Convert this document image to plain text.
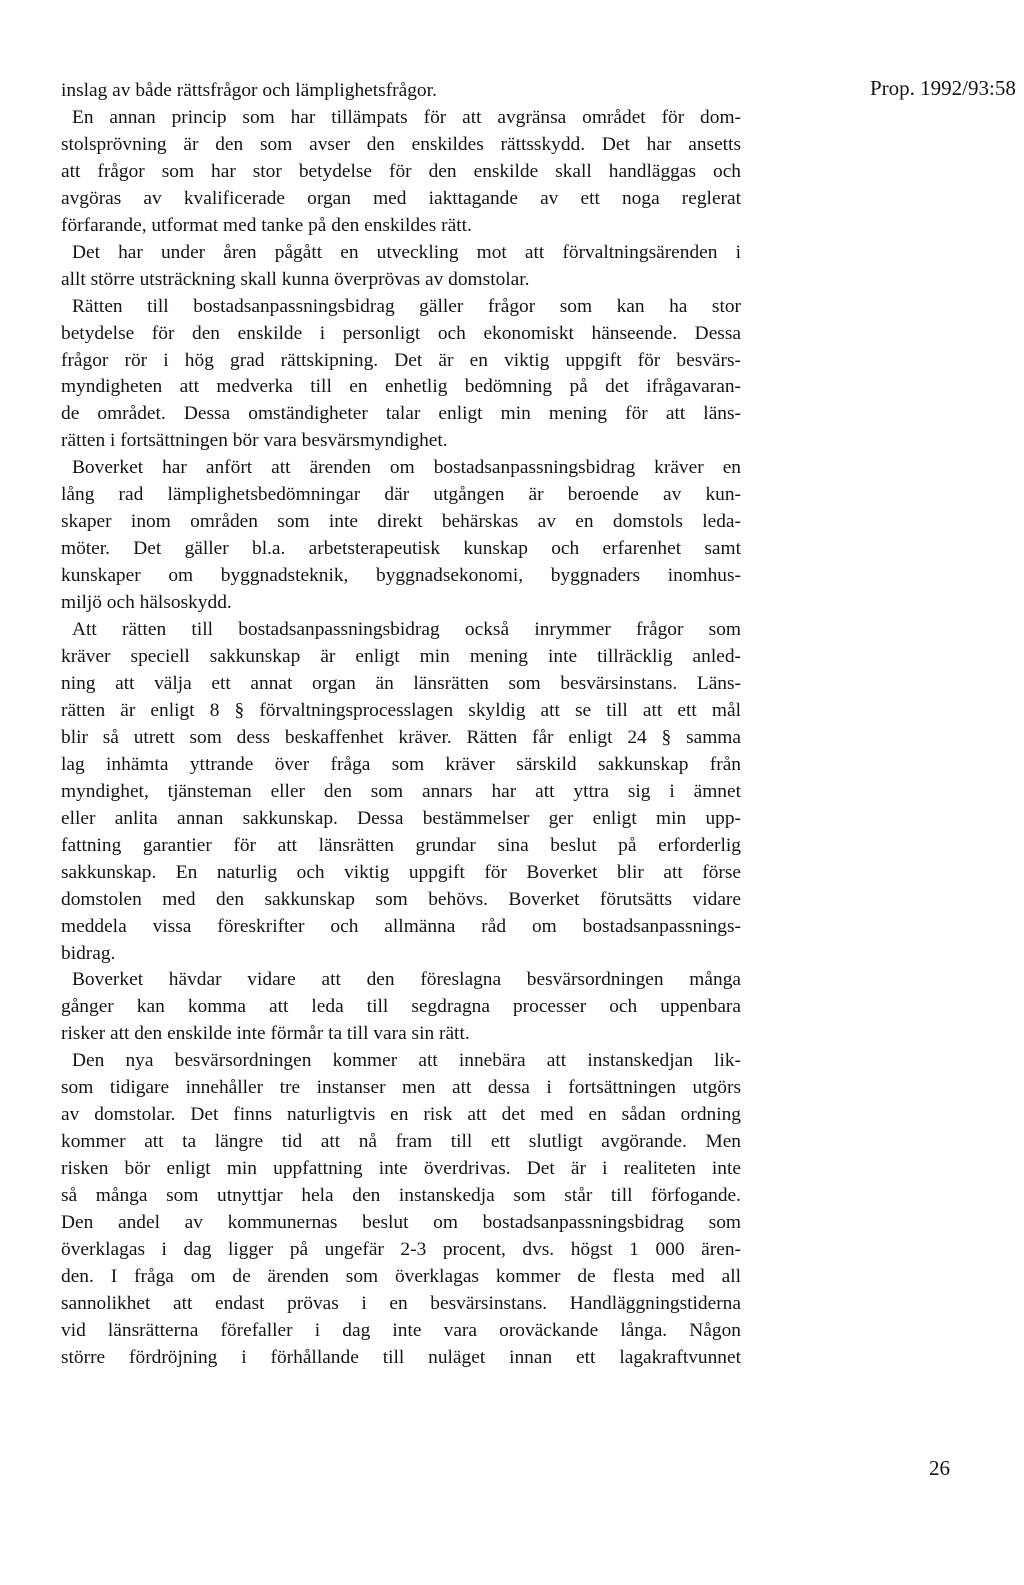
Prop. 1992/93:58
inslag av både rättsfrågor och lämplighetsfrågor.
En annan princip som har tillämpats för att avgränsa området för dom-
stolsprövning är den som avser den enskildes rättsskydd. Det har ansetts
att frågor som har stor betydelse för den enskilde skall handläggas och
avgöras av kvalificerade organ med iakttagande av ett noga reglerat
förfarande, utformat med tanke på den enskildes rätt.
Det har under åren pågått en utveckling mot att förvaltningsärenden i
allt större utsträckning skall kunna överprövas av domstolar.
Rätten till bostadsanpassningsbidrag gäller frågor som kan ha stor
betydelse för den enskilde i personligt och ekonomiskt hänseende. Dessa
frågor rör i hög grad rättskipning. Det är en viktig uppgift för besvärs-
myndigheten att medverka till en enhetlig bedömning på det ifrågavaran-
de området. Dessa omständigheter talar enligt min mening för att läns-
rätten i fortsättningen bör vara besvärsmyndighet.
Boverket har anfört att ärenden om bostadsanpassningsbidrag kräver en
lång rad lämplighetsbedömningar där utgången är beroende av kun-
skaper inom områden som inte direkt behärskas av en domstols leda-
möter. Det gäller bl.a. arbetsterapeutisk kunskap och erfarenhet samt
kunskaper om byggnadsteknik, byggnadsekonomi, byggnaders inomhus-
miljö och hälsoskydd.
Att rätten till bostadsanpassningsbidrag också inrymmer frågor som
kräver speciell sakkunskap är enligt min mening inte tillräcklig anled-
ning att välja ett annat organ än länsrätten som besvärsinstans. Läns-
rätten är enligt 8 § förvaltningsprocesslagen skyldig att se till att ett mål
blir så utrett som dess beskaffenhet kräver. Rätten får enligt 24 § samma
lag inhämta yttrande över fråga som kräver särskild sakkunskap från
myndighet, tjänsteman eller den som annars har att yttra sig i ämnet
eller anlita annan sakkunskap. Dessa bestämmelser ger enligt min upp-
fattning garantier för att länsrätten grundar sina beslut på erforderlig
sakkunskap. En naturlig och viktig uppgift för Boverket blir att förse
domstolen med den sakkunskap som behövs. Boverket förutsätts vidare
meddela vissa föreskrifter och allmänna råd om bostadsanpassnings-
bidrag.
Boverket hävdar vidare att den föreslagna besvärsordningen många
gånger kan komma att leda till segdragna processer och uppenbara
risker att den enskilde inte förmår ta till vara sin rätt.
Den nya besvärsordningen kommer att innebära att instanskedjan lik-
som tidigare innehåller tre instanser men att dessa i fortsättningen utgörs
av domstolar. Det finns naturligtvis en risk att det med en sådan ordning
kommer att ta längre tid att nå fram till ett slutligt avgörande. Men
risken bör enligt min uppfattning inte överdrivas. Det är i realiteten inte
så många som utnyttjar hela den instanskedja som står till förfogande.
Den andel av kommunernas beslut om bostadsanpassningsbidrag som
överklagas i dag ligger på ungefär 2-3 procent, dvs. högst 1 000 ären-
den. I fråga om de ärenden som överklagas kommer de flesta med all
sannolikhet att endast prövas i en besvärsinstans. Handläggningstiderna
vid länsrätterna förefaller i dag inte vara oroväckande långa. Någon
större fördröjning i förhållande till nuläget innan ett lagakraftvunnet
26
